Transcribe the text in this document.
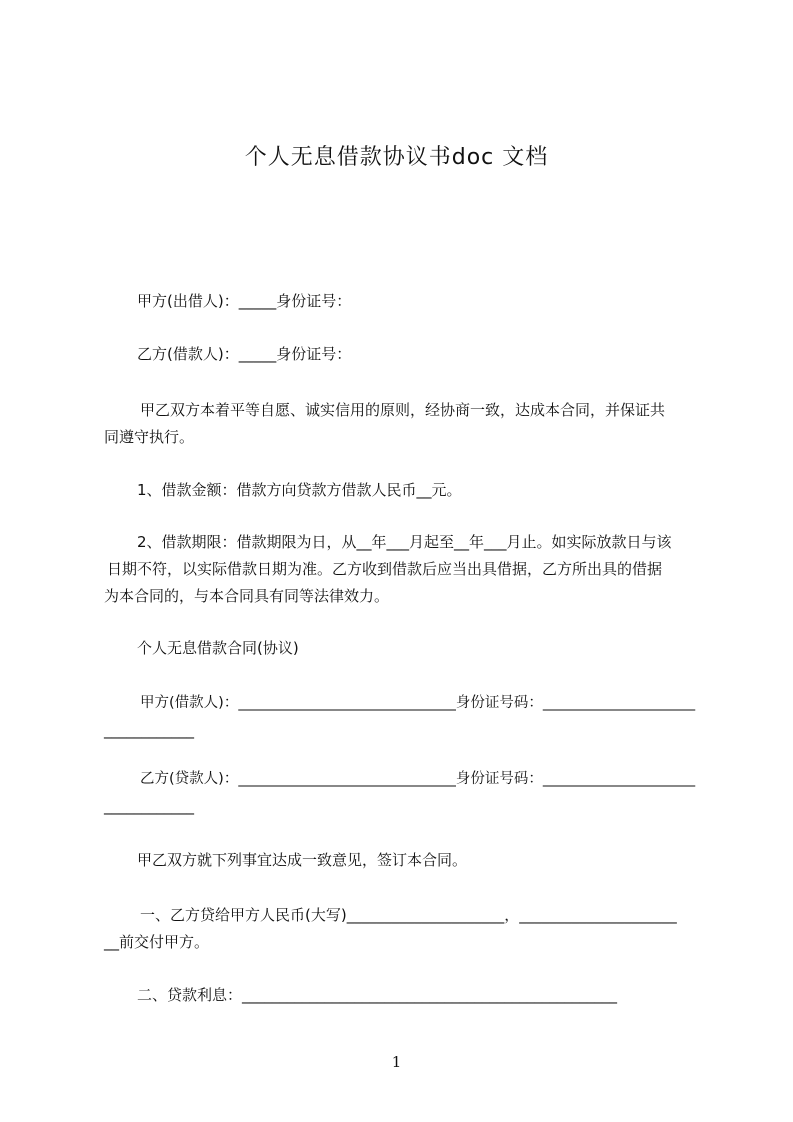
个人无息借款协议书doc 文档

甲方(出借人)：_____身份证号：

乙方(借款人)：_____身份证号：

甲乙双方本着平等自愿、诚实信用的原则，经协商一致，达成本合同，并保证共

同遵守执行。

1、借款金额：借款方向贷款方借款人民币__元。

2、借款期限：借款期限为日，从__年___月起至__年___月止。如实际放款日与该

日期不符，以实际借款日期为准。乙方收到借款后应当出具借据，乙方所出具的借据

为本合同的，与本合同具有同等法律效力。

个人无息借款合同(协议)

甲方(借款人)：______________________________身份证号码：_____________________

____________

乙方(贷款人)：______________________________身份证号码：_____________________

____________

甲乙双方就下列事宜达成一致意见，签订本合同。

一、乙方贷给甲方人民币(大写)_____________________，_____________________

__前交付甲方。

二、贷款利息：__________________________________________________

1
